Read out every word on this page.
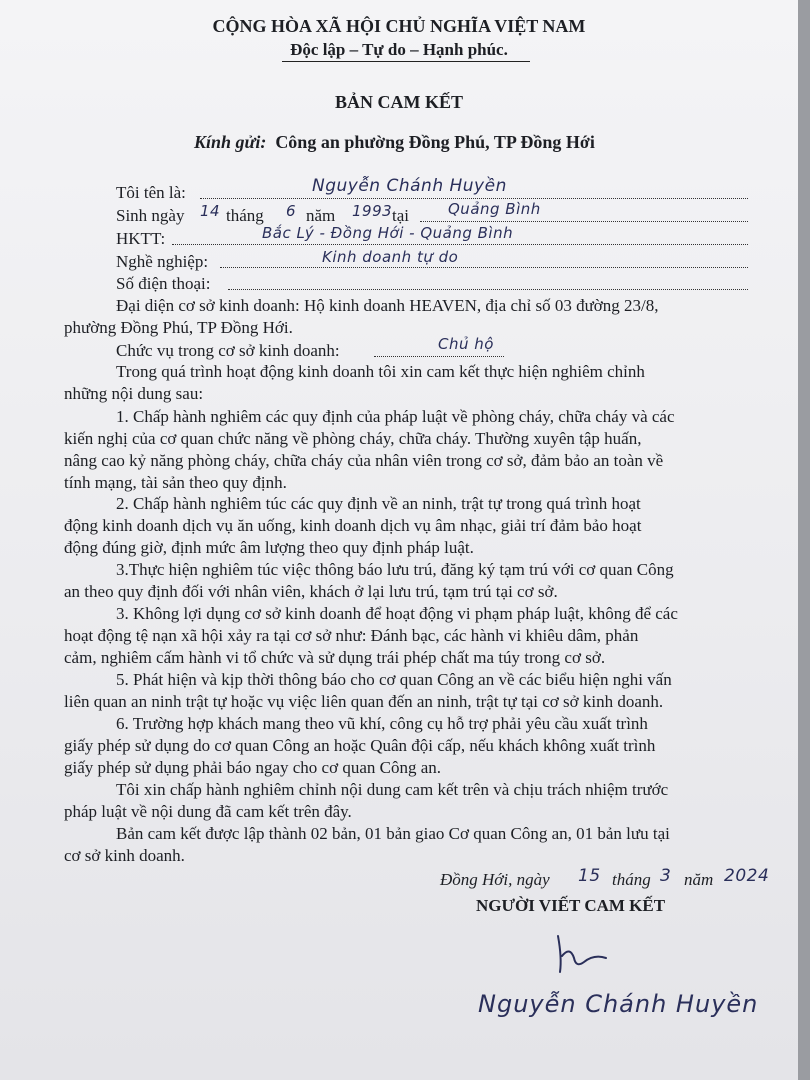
CỘNG HÒA XÃ HỘI CHỦ NGHĨA VIỆT NAM
Độc lập – Tự do – Hạnh phúc.
BẢN CAM KẾT
Kính gửi: Công an phường Đồng Phú, TP Đồng Hới
Tôi tên là:	Nguyễn Chánh Huyền
Sinh ngày 14 tháng 6 năm 1993 tại	Quảng Bình
HKTT:	Bắc Lý - Đồng Hới - Quảng Bình
Nghề nghiệp:	Kinh doanh tự do
Số điện thoại:
Đại diện cơ sở kinh doanh: Hộ kinh doanh HEAVEN, địa chỉ số 03 đường 23/8,
phường Đồng Phú, TP Đồng Hới.
Chức vụ trong cơ sở kinh doanh:	Chủ hộ
Trong quá trình hoạt động kinh doanh tôi xin cam kết thực hiện nghiêm chỉnh
những nội dung sau:
1. Chấp hành nghiêm các quy định của pháp luật về phòng cháy, chữa cháy và các
kiến nghị của cơ quan chức năng về phòng cháy, chữa cháy. Thường xuyên tập huấn,
nâng cao kỷ năng phòng cháy, chữa cháy của nhân viên trong cơ sở, đảm bảo an toàn về
tính mạng, tài sản theo quy định.
2. Chấp hành nghiêm túc các quy định về an ninh, trật tự trong quá trình hoạt
động kinh doanh dịch vụ ăn uống, kinh doanh dịch vụ âm nhạc, giải trí đảm bảo hoạt
động đúng giờ, định mức âm lượng theo quy định pháp luật.
3.Thực hiện nghiêm túc việc thông báo lưu trú, đăng ký tạm trú với cơ quan Công
an theo quy định đối với nhân viên, khách ở lại lưu trú, tạm trú tại cơ sở.
3. Không lợi dụng cơ sở kinh doanh để hoạt động vi phạm pháp luật, không để các
hoạt động tệ nạn xã hội xảy ra tại cơ sở như: Đánh bạc, các hành vi khiêu dâm, phản
cảm, nghiêm cấm hành vi tổ chức và sử dụng trái phép chất ma túy trong cơ sở.
5. Phát hiện và kịp thời thông báo cho cơ quan Công an về các biểu hiện nghi vấn
liên quan an ninh trật tự hoặc vụ việc liên quan đến an ninh, trật tự tại cơ sở kinh doanh.
6. Trường hợp khách mang theo vũ khí, công cụ hỗ trợ phải yêu cầu xuất trình
giấy phép sử dụng do cơ quan Công an hoặc Quân đội cấp, nếu khách không xuất trình
giấy phép sử dụng phải báo ngay cho cơ quan Công an.
Tôi xin chấp hành nghiêm chỉnh nội dung cam kết trên và chịu trách nhiệm trước
pháp luật về nội dung đã cam kết trên đây.
Bản cam kết được lập thành 02 bản, 01 bản giao Cơ quan Công an, 01 bản lưu tại
cơ sở kinh doanh.
Đồng Hới, ngày 15 tháng 3 năm 2024
NGƯỜI VIẾT CAM KẾT
Nguyễn Chánh Huyền
